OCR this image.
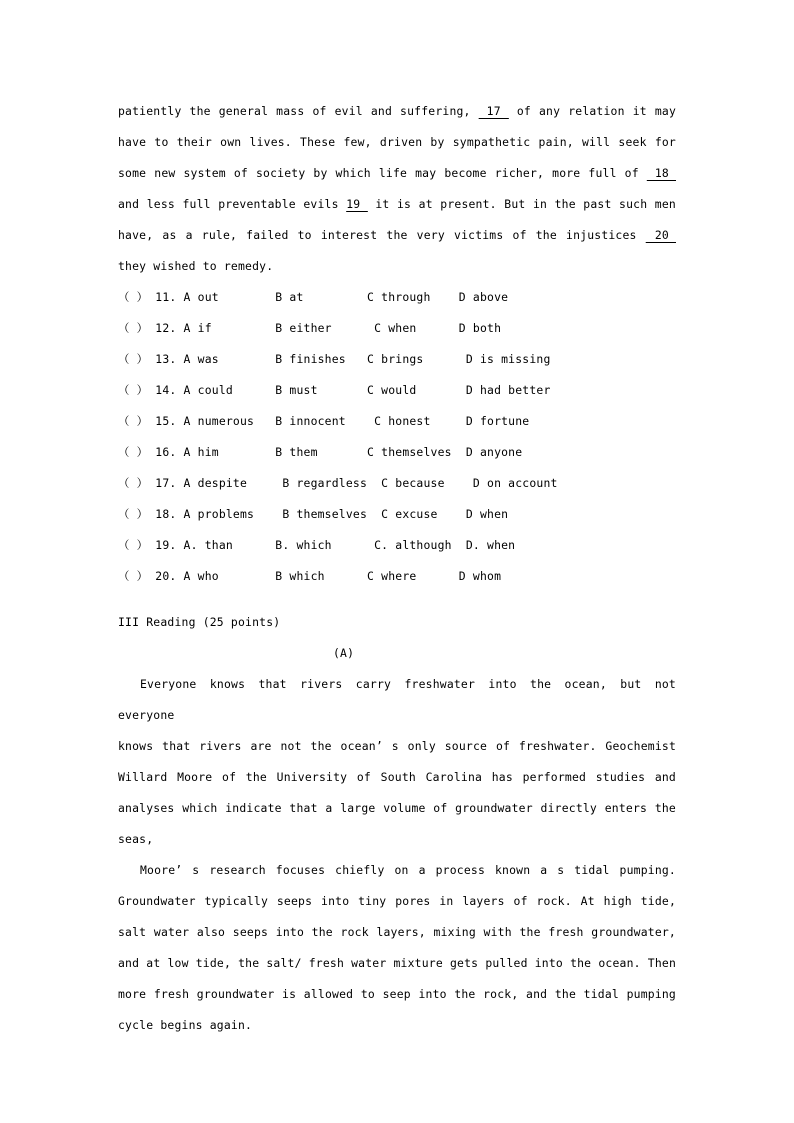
patiently the general mass of evil and suffering,  17  of any relation it may
have to their own lives. These few, driven by sympathetic pain, will seek for
some new system of society by which life may become richer, more full of  18
and less full preventable evils 19  it is at present. But in the past such men
have, as a rule, failed to interest the very victims of the injustices  20
they wished to remedy.
（ ） 11. A out        B at         C through    D above
（ ） 12. A if         B either      C when      D both
（ ） 13. A was        B finishes   C brings      D is missing
（ ） 14. A could      B must       C would       D had better
（ ） 15. A numerous   B innocent    C honest     D fortune
（ ） 16. A him        B them       C themselves  D anyone
（ ） 17. A despite     B regardless  C because    D on account
（ ） 18. A problems    B themselves  C excuse    D when
（ ） 19. A. than      B. which      C. although  D. when
（ ） 20. A who        B which      C where      D whom
III Reading (25 points)
(A)
Everyone knows that rivers carry freshwater into the ocean, but not everyone
knows that rivers are not the ocean’ s only source of freshwater. Geochemist
Willard Moore of the University of South Carolina has performed studies and
analyses which indicate that a large volume of groundwater directly enters the
seas,
Moore’ s research focuses chiefly on a process known a s tidal pumping.
Groundwater typically seeps into tiny pores in layers of rock. At high tide,
salt water also seeps into the rock layers, mixing with the fresh groundwater,
and at low tide, the salt/ fresh water mixture gets pulled into the ocean. Then
more fresh groundwater is allowed to seep into the rock, and the tidal pumping
cycle begins again.
